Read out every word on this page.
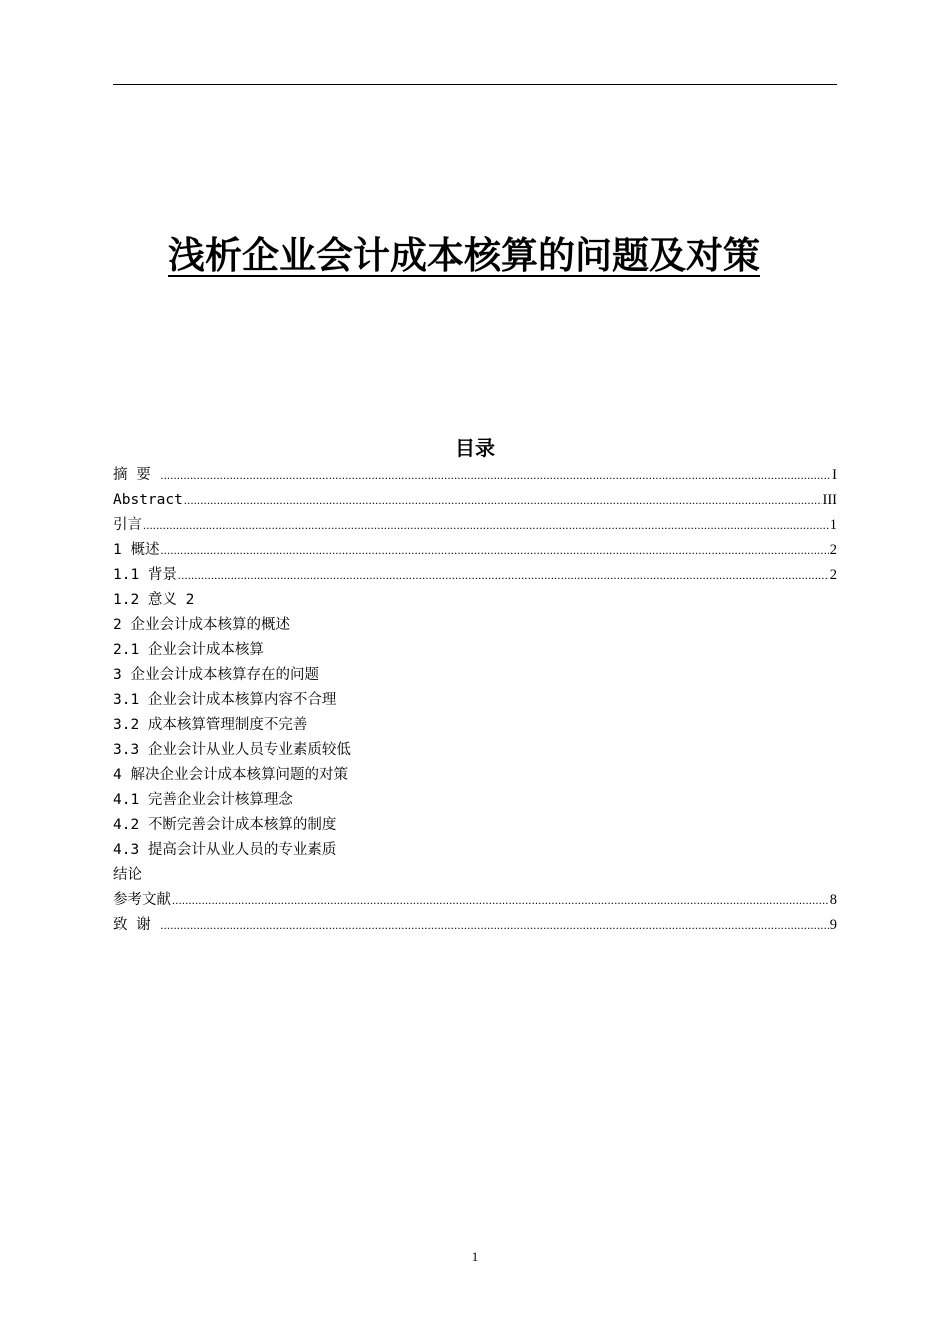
浅析企业会计成本核算的问题及对策
目录
摘要 .....	I
Abstract .....	III
引言 .....	1
1 概述 .....	2
1.1 背景 .....	2
1.2 意义 2
2 企业会计成本核算的概述
2.1 企业会计成本核算
3 企业会计成本核算存在的问题
3.1 企业会计成本核算内容不合理
3.2 成本核算管理制度不完善
3.3 企业会计从业人员专业素质较低
4 解决企业会计成本核算问题的对策
4.1 完善企业会计核算理念
4.2 不断完善会计成本核算的制度
4.3 提高会计从业人员的专业素质
结论
参考文献 .....	8
致谢 .....	9
1
